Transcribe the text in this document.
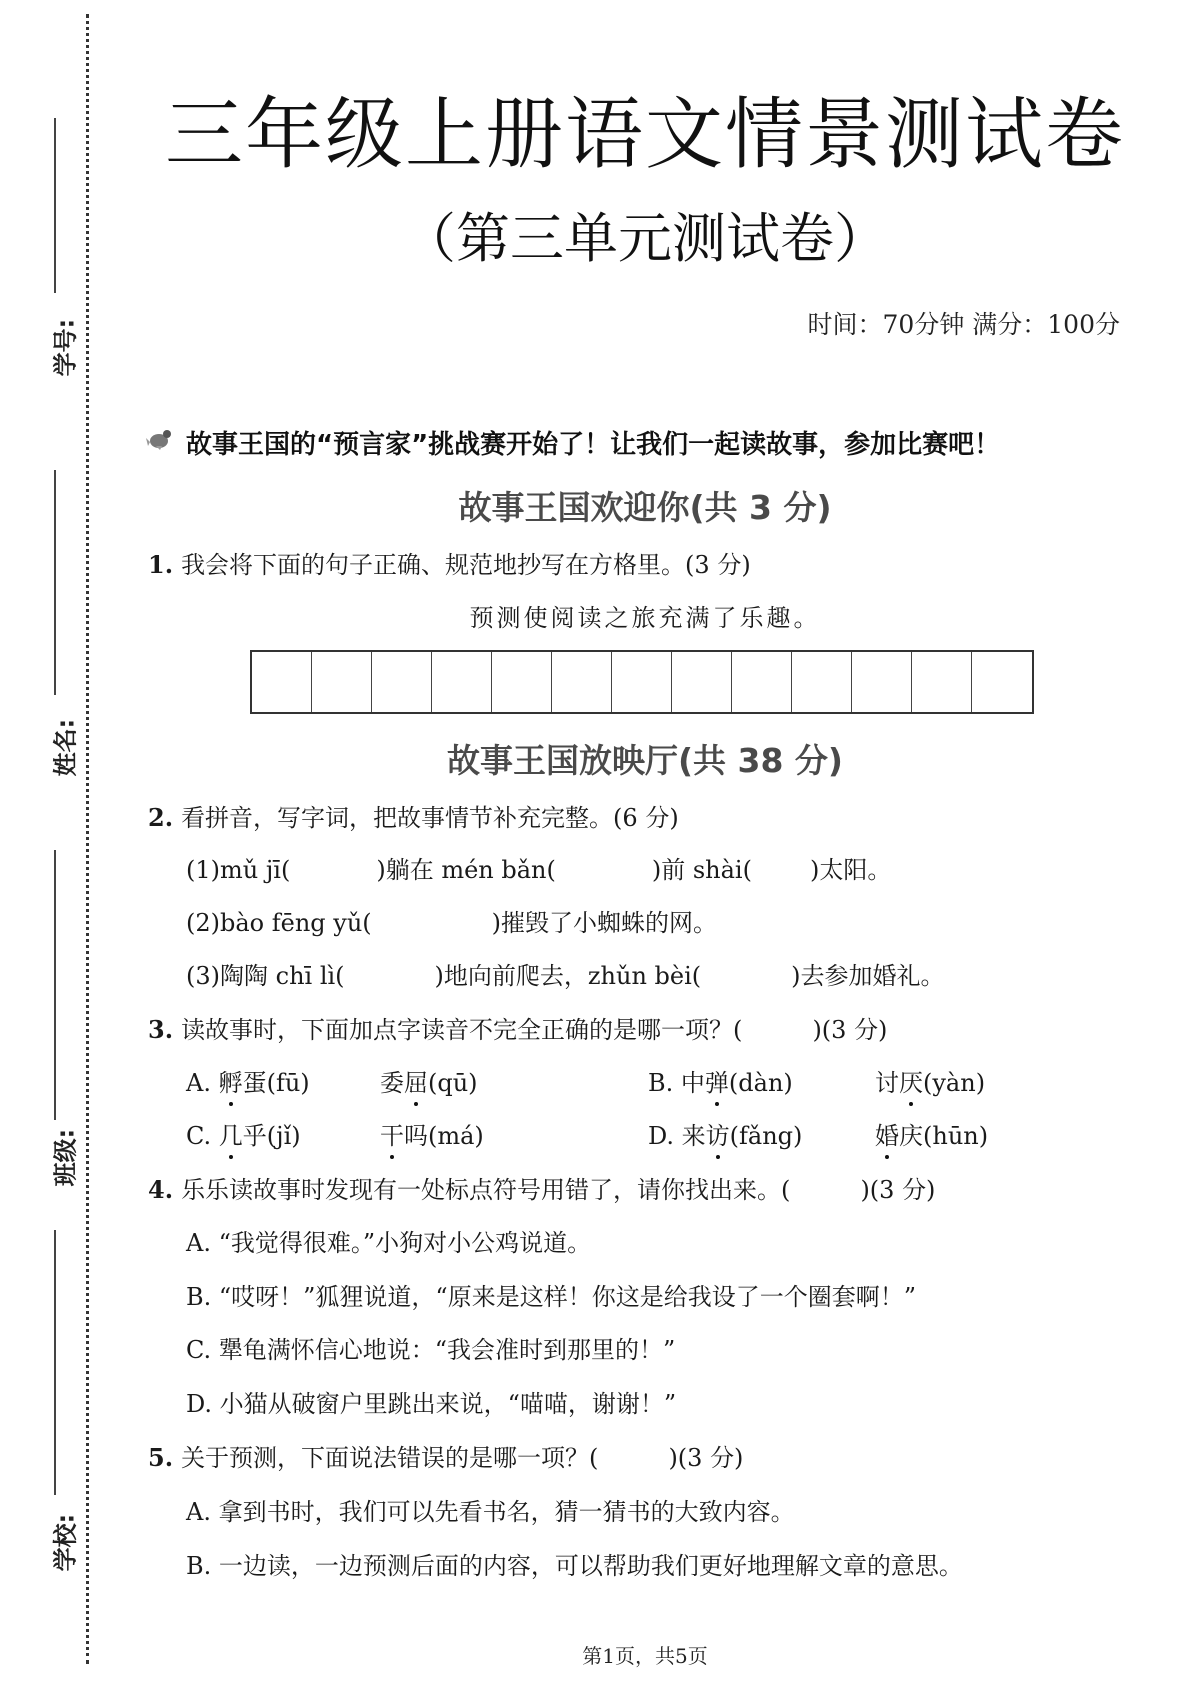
学号:
姓名:
班级:
学校:
三年级上册语文情景测试卷
（第三单元测试卷）
时间：70分钟 满分：100分
故事王国的“预言家”挑战赛开始了！让我们一起读故事，参加比赛吧！
故事王国欢迎你(共 3 分)
1. 我会将下面的句子正确、规范地抄写在方格里。(3 分)
预测使阅读之旅充满了乐趣。
故事王国放映厅(共 38 分)
2. 看拼音，写字词，把故事情节补充完整。(6 分)
(1)mǔ jī(	)躺在 mén bǎn(	)前 shài( )太阳。
(2)bào fēng yǔ(	)摧毁了小蜘蛛的网。
(3)陶陶 chī lì(	)地向前爬去，zhǔn bèi(	)去参加婚礼。
3. 读故事时，下面加点字读音不完全正确的是哪一项？(	)(3 分)
A. 孵蛋(fū)	委屈(qū)	B. 中弹(dàn)	讨厌(yàn)
C. 几乎(jǐ)	干吗(má)	D. 来访(fǎng)	婚庆(hūn)
4. 乐乐读故事时发现有一处标点符号用错了，请你找出来。(	)(3 分)
A. “我觉得很难。”小狗对小公鸡说道。
B. “哎呀！”狐狸说道，“原来是这样！你这是给我设了一个圈套啊！”
C. 犟龟满怀信心地说：“我会准时到那里的！”
D. 小猫从破窗户里跳出来说，“喵喵，谢谢！”
5. 关于预测，下面说法错误的是哪一项？(	)(3 分)
A. 拿到书时，我们可以先看书名，猜一猜书的大致内容。
B. 一边读，一边预测后面的内容，可以帮助我们更好地理解文章的意思。
第1页，共5页
